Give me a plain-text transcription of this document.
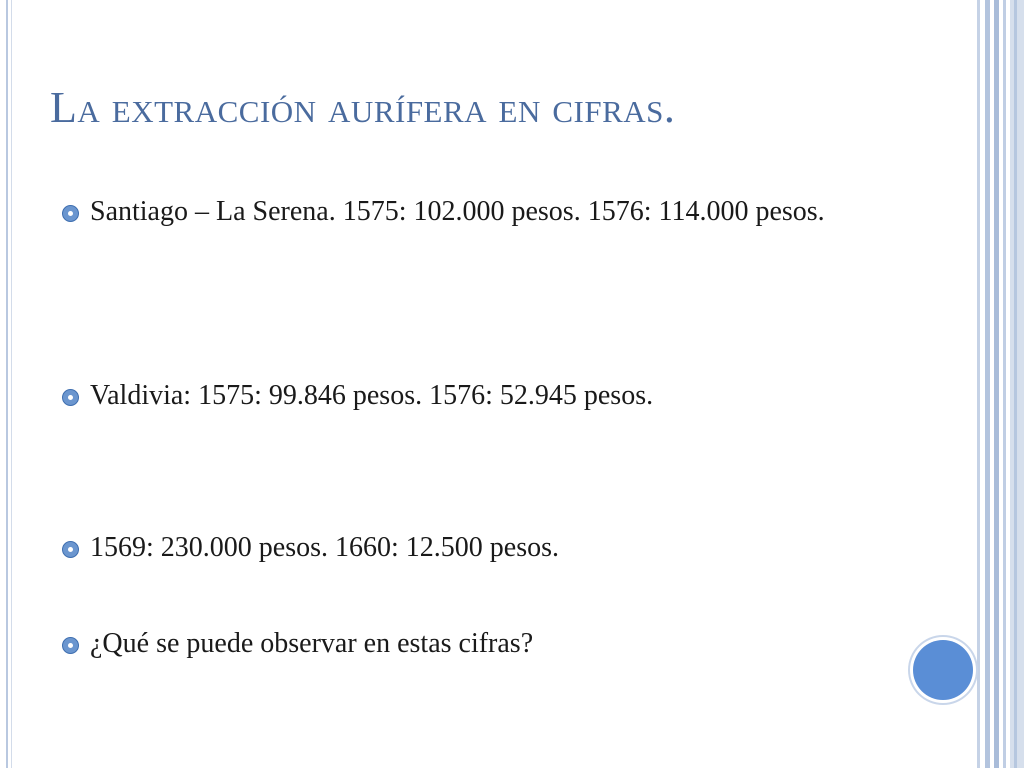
La extracción aurífera en cifras.
Santiago – La Serena. 1575: 102.000 pesos. 1576: 114.000 pesos.
Valdivia: 1575: 99.846 pesos. 1576: 52.945 pesos.
1569: 230.000 pesos. 1660: 12.500 pesos.
¿Qué se puede observar en estas cifras?
